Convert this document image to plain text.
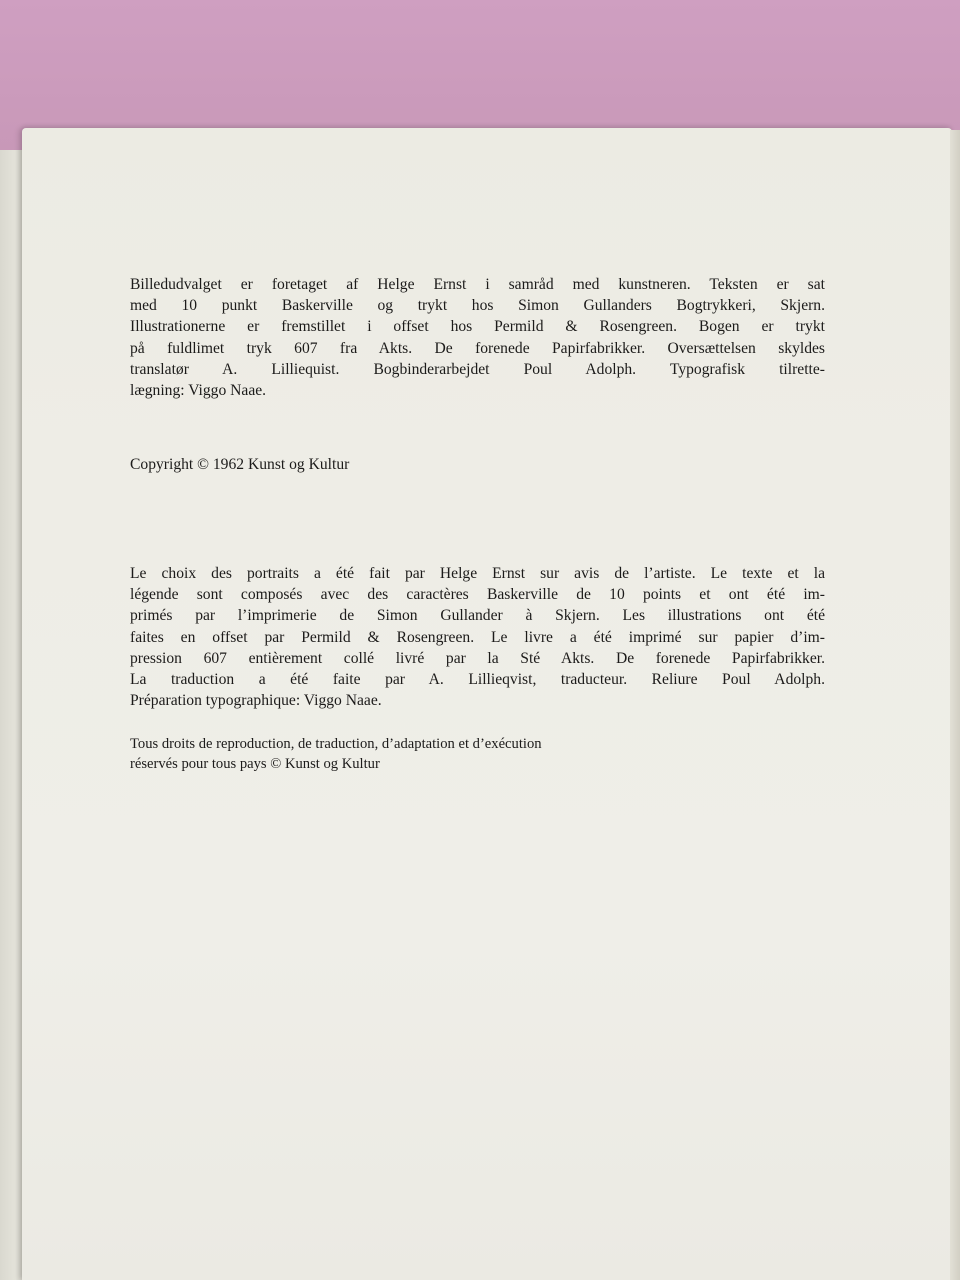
Billedudvalget er foretaget af Helge Ernst i samråd med kunstneren. Teksten er sat
med 10 punkt Baskerville og trykt hos Simon Gullanders Bogtrykkeri, Skjern.
Illustrationerne er fremstillet i offset hos Permild & Rosengreen. Bogen er trykt
på fuldlimet tryk 607 fra Akts. De forenede Papirfabrikker. Oversættelsen skyldes
translatør A. Lilliequist. Bogbinderarbejdet Poul Adolph. Typografisk tilrette-
lægning: Viggo Naae.

Copyright © 1962 Kunst og Kultur

Le choix des portraits a été fait par Helge Ernst sur avis de l’artiste. Le texte et la
légende sont composés avec des caractères Baskerville de 10 points et ont été im-
primés par l’imprimerie de Simon Gullander à Skjern. Les illustrations ont été
faites en offset par Permild & Rosengreen. Le livre a été imprimé sur papier d’im-
pression 607 entièrement collé livré par la Sté Akts. De forenede Papirfabrikker.
La traduction a été faite par A. Lillieqvist, traducteur. Reliure Poul Adolph.
Préparation typographique: Viggo Naae.

Tous droits de reproduction, de traduction, d’adaptation et d’exécution
réservés pour tous pays © Kunst og Kultur
